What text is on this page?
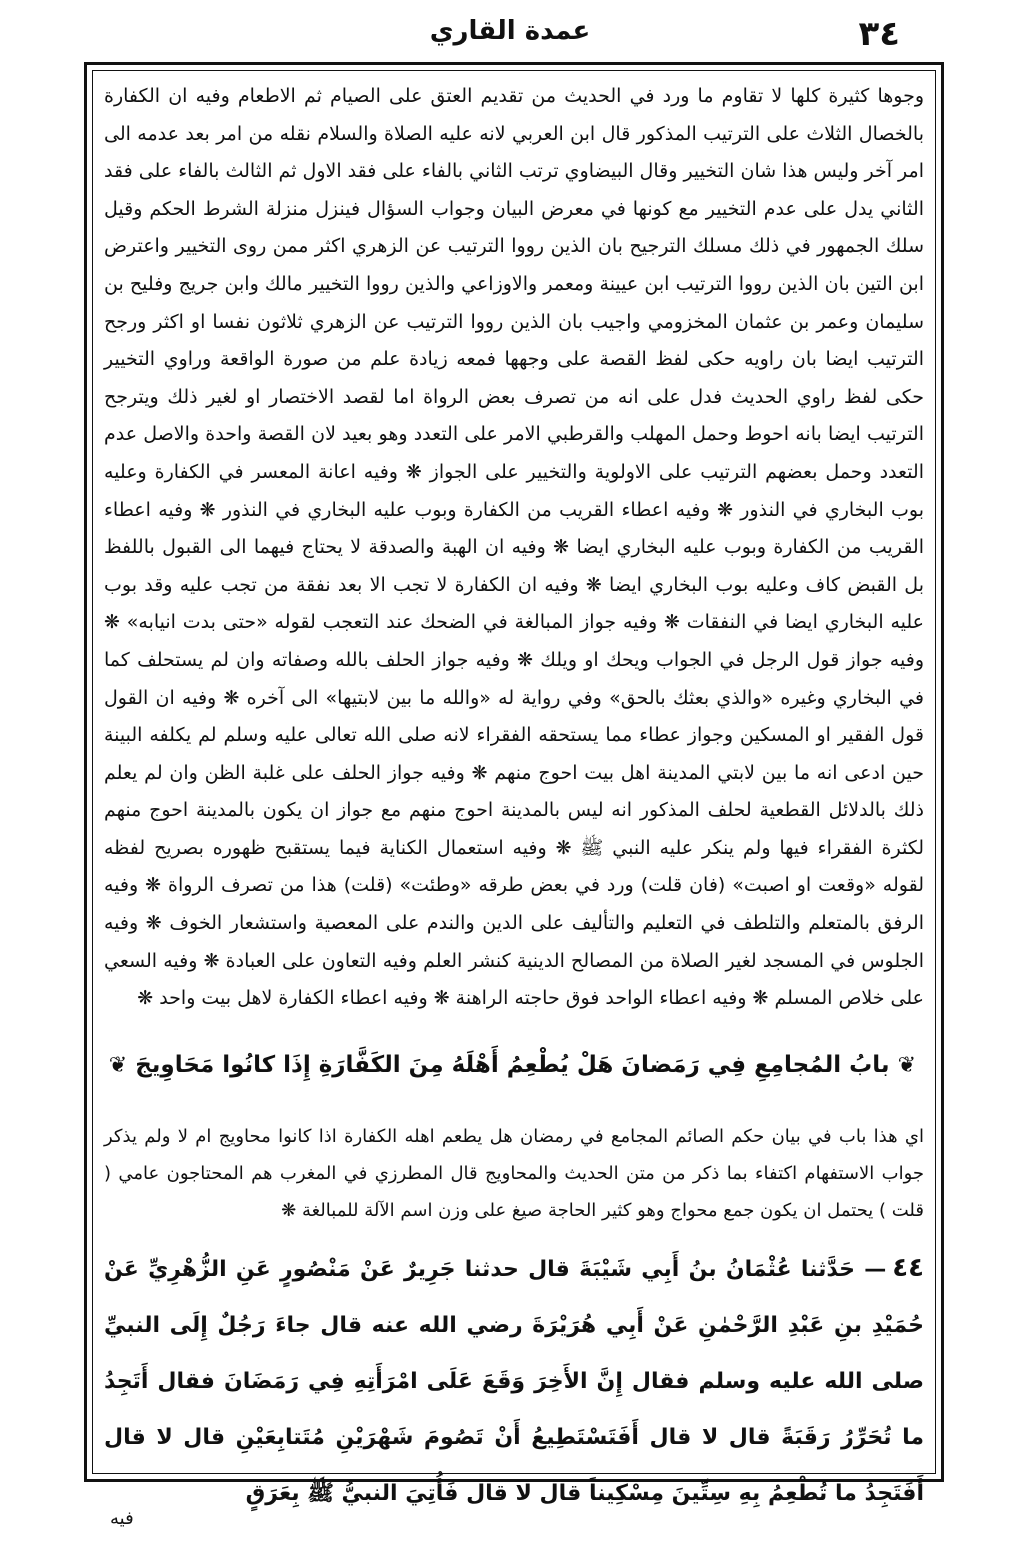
عمدة القاري	٣٤
وجوها كثيرة كلها لا تقاوم ما ورد في الحديث من تقديم العتق على الصيام ثم الاطعام وفيه ان الكفارة بالخصال الثلاث على الترتيب المذكور قال ابن العربي لانه عليه الصلاة والسلام نقله من امر بعد عدمه الى امر آخر وليس هذا شان التخيير وقال البيضاوي ترتب الثاني بالفاء على فقد الاول ثم الثالث بالفاء على فقد الثاني يدل على عدم التخيير مع كونها في معرض البيان وجواب السؤال فينزل منزلة الشرط الحكم وقيل سلك الجمهور في ذلك مسلك الترجيح بان الذين رووا الترتيب عن الزهري اكثر ممن روى التخيير واعترض ابن التين بان الذين رووا الترتيب ابن عيينة ومعمر والاوزاعي والذين رووا التخيير مالك وابن جريج وفليح بن سليمان وعمر بن عثمان المخزومي واجيب بان الذين رووا الترتيب عن الزهري ثلاثون نفسا او اكثر ورجح الترتيب ايضا بان راويه حكى لفظ القصة على وجهها فمعه زيادة علم من صورة الواقعة وراوي التخيير حكى لفظ راوي الحديث فدل على انه من تصرف بعض الرواة اما لقصد الاختصار او لغير ذلك ويترجح الترتيب ايضا بانه احوط وحمل المهلب والقرطبي الامر على التعدد وهو بعيد لان القصة واحدة والاصل عدم التعدد وحمل بعضهم الترتيب على الاولوية والتخيير على الجواز ❋ وفيه اعانة المعسر في الكفارة وعليه بوب البخاري في النذور ❋ وفيه اعطاء القريب من الكفارة وبوب عليه البخاري في النذور ❋ وفيه اعطاء القريب من الكفارة وبوب عليه البخاري ايضا ❋ وفيه ان الهبة والصدقة لا يحتاج فيهما الى القبول باللفظ بل القبض كاف وعليه بوب البخاري ايضا ❋ وفيه ان الكفارة لا تجب الا بعد نفقة من تجب عليه وقد بوب عليه البخاري ايضا في النفقات ❋ وفيه جواز المبالغة في الضحك عند التعجب لقوله «حتى بدت انيابه» ❋ وفيه جواز قول الرجل في الجواب ويحك او ويلك ❋ وفيه جواز الحلف بالله وصفاته وان لم يستحلف كما في البخاري وغيره «والذي بعثك بالحق» وفي رواية له «والله ما بين لابتيها» الى آخره ❋ وفيه ان القول قول الفقير او المسكين وجواز عطاء مما يستحقه الفقراء لانه صلى الله تعالى عليه وسلم لم يكلفه البينة حين ادعى انه ما بين لابتي المدينة اهل بيت احوج منهم ❋ وفيه جواز الحلف على غلبة الظن وان لم يعلم ذلك بالدلائل القطعية لحلف المذكور انه ليس بالمدينة احوج منهم مع جواز ان يكون بالمدينة احوج منهم لكثرة الفقراء فيها ولم ينكر عليه النبي ﷺ ❋ وفيه استعمال الكناية فيما يستقبح ظهوره بصريح لفظه لقوله «وقعت او اصبت» (فان قلت) ورد في بعض طرقه «وطئت» (قلت) هذا من تصرف الرواة ❋ وفيه الرفق بالمتعلم والتلطف في التعليم والتأليف على الدين والندم على المعصية واستشعار الخوف ❋ وفيه الجلوس في المسجد لغير الصلاة من المصالح الدينية كنشر العلم وفيه التعاون على العبادة ❋ وفيه السعي على خلاص المسلم ❋ وفيه اعطاء الواحد فوق حاجته الراهنة ❋ وفيه اعطاء الكفارة لاهل بيت واحد ❋
❦بابُ المُجامِعِ فِي رَمَضانَ هَلْ يُطْعِمُ أَهْلَهُ مِنَ الكَفَّارَةِ إِذَا كانُوا مَحَاوِيجَ❦
اي هذا باب في بيان حكم الصائم المجامع في رمضان هل يطعم اهله الكفارة اذا كانوا محاويج ام لا ولم يذكر جواب الاستفهام اكتفاء بما ذكر من متن الحديث والمحاويج قال المطرزي في المغرب هم المحتاجون عامي ( قلت ) يحتمل ان يكون جمع محواج وهو كثير الحاجة صيغ على وزن اسم الآلة للمبالغة ❋
٤٤— حَدَّثنا عُثْمَانُ بنُ أَبِي شَيْبَةَ قال حدثنا جَرِيرٌ عَنْ مَنْصُورٍ عَنِ الزُّهْرِيِّ عَنْ حُمَيْدِ بنِ عَبْدِ الرَّحْمٰنِ عَنْ أَبِي هُرَيْرَةَ رضي الله عنه قال جاءَ رَجُلٌ إِلَى النبيِّ صلى الله عليه وسلم فقال إِنَّ الأَخِرَ وَقَعَ عَلَى امْرَأَتِهِ فِي رَمَضَانَ فقال أَتَجِدُ ما تُحَرِّرُ رَقَبَةً قال لا قال أَفَتَسْتَطِيعُ أَنْ تَصُومَ شَهْرَيْنِ مُتَتابِعَيْنِ قال لا قال أَفَتَجِدُ ما تُطْعِمُ بِهِ سِتِّينَ مِسْكِيناً قال لا قال فَأُتِيَ النبيُّ ﷺ بِعَرَقٍ
فيه
